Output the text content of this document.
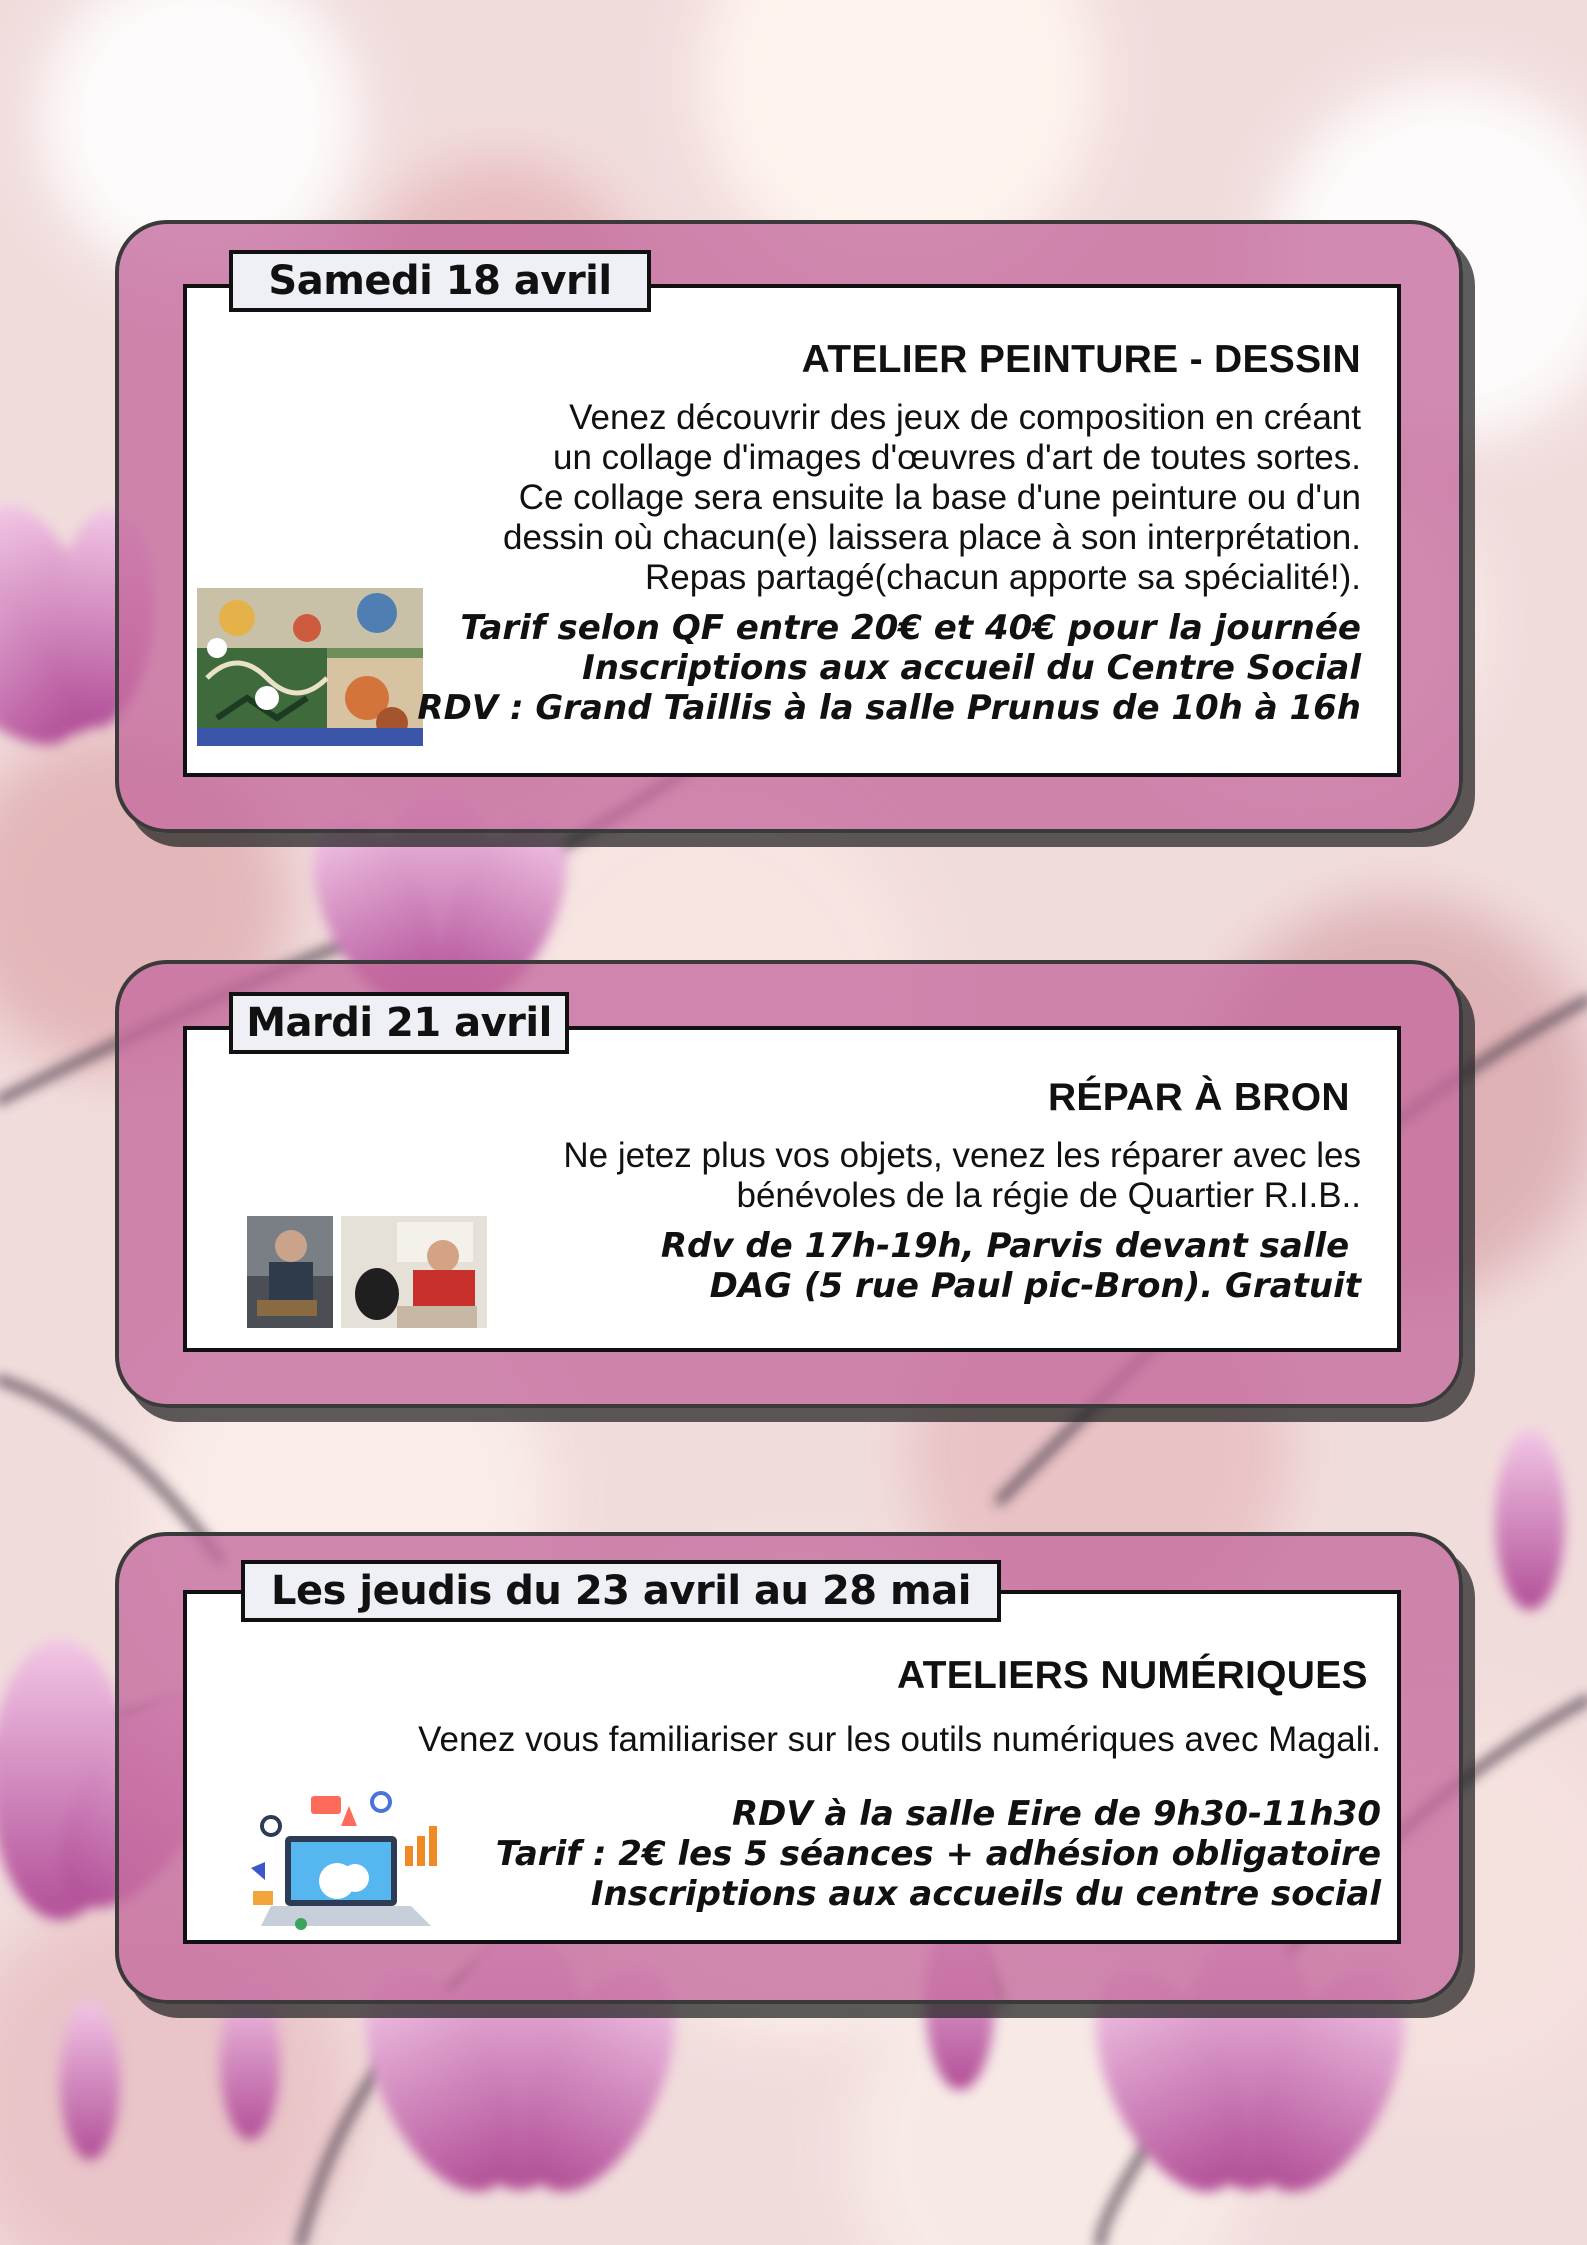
ATELIER PEINTURE - DESSIN
Venez découvrir des jeux de composition en créant
un collage d'images d'œuvres d'art de toutes sortes.
Ce collage sera ensuite la base d'une peinture ou d'un
dessin où chacun(e) laissera place à son interprétation.
Repas partagé(chacun apporte sa spécialité!).
Tarif selon QF entre 20€ et 40€ pour la journée
Inscriptions aux accueil du Centre Social
RDV : Grand Taillis à la salle Prunus de 10h à 16h
Samedi 18 avril
RÉPAR À BRON
Ne jetez plus vos objets, venez les réparer avec les
bénévoles de la régie de Quartier R.I.B..
Rdv de 17h-19h, Parvis devant salle
DAG (5 rue Paul pic-Bron). Gratuit
Mardi 21 avril
ATELIERS NUMÉRIQUES
Venez vous familiariser sur les outils numériques avec Magali.
RDV à la salle Eire de 9h30-11h30
Tarif : 2€ les 5 séances + adhésion obligatoire
Inscriptions aux accueils du centre social
Les jeudis du 23 avril au 28 mai
